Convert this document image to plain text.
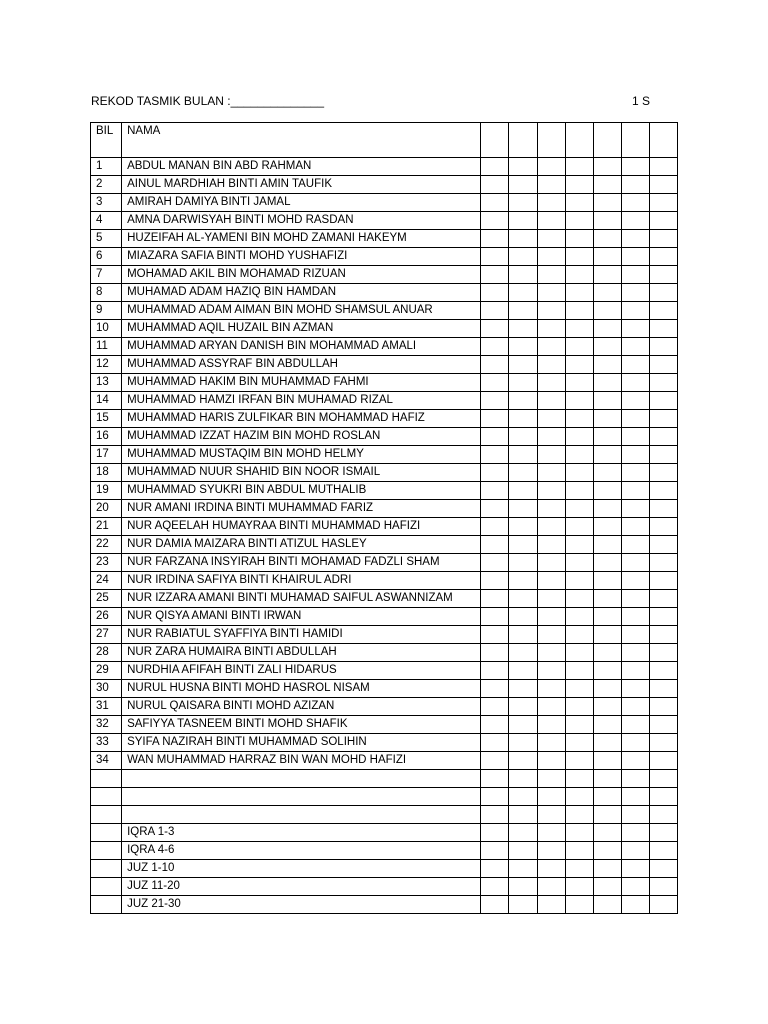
REKOD TASMIK BULAN :______________	1 S
BIL	NAMA							
1	ABDUL MANAN BIN ABD RAHMAN							
2	AINUL MARDHIAH BINTI AMIN TAUFIK							
3	AMIRAH DAMIYA BINTI JAMAL							
4	AMNA DARWISYAH BINTI MOHD RASDAN							
5	HUZEIFAH AL-YAMENI BIN MOHD ZAMANI HAKEYM							
6	MIAZARA SAFIA BINTI MOHD YUSHAFIZI							
7	MOHAMAD AKIL BIN MOHAMAD RIZUAN							
8	MUHAMAD ADAM HAZIQ BIN HAMDAN							
9	MUHAMMAD ADAM AIMAN BIN MOHD SHAMSUL ANUAR							
10	MUHAMMAD AQIL HUZAIL BIN AZMAN							
11	MUHAMMAD ARYAN DANISH BIN MOHAMMAD AMALI							
12	MUHAMMAD ASSYRAF BIN ABDULLAH							
13	MUHAMMAD HAKIM BIN MUHAMMAD FAHMI							
14	MUHAMMAD HAMZI IRFAN BIN MUHAMAD RIZAL							
15	MUHAMMAD HARIS ZULFIKAR BIN MOHAMMAD HAFIZ							
16	MUHAMMAD IZZAT HAZIM BIN MOHD ROSLAN							
17	MUHAMMAD MUSTAQIM BIN MOHD HELMY							
18	MUHAMMAD NUUR SHAHID BIN NOOR ISMAIL							
19	MUHAMMAD SYUKRI BIN ABDUL MUTHALIB							
20	NUR AMANI IRDINA BINTI MUHAMMAD FARIZ							
21	NUR AQEELAH HUMAYRAA BINTI MUHAMMAD HAFIZI							
22	NUR DAMIA MAIZARA BINTI ATIZUL HASLEY							
23	NUR FARZANA INSYIRAH BINTI MOHAMAD FADZLI SHAM							
24	NUR IRDINA SAFIYA BINTI KHAIRUL ADRI							
25	NUR IZZARA AMANI BINTI MUHAMAD SAIFUL ASWANNIZAM							
26	NUR QISYA AMANI BINTI IRWAN							
27	NUR RABIATUL SYAFFIYA BINTI HAMIDI							
28	NUR ZARA HUMAIRA BINTI ABDULLAH							
29	NURDHIA AFIFAH BINTI ZALI HIDARUS							
30	NURUL HUSNA BINTI MOHD HASROL NISAM							
31	NURUL QAISARA BINTI MOHD AZIZAN							
32	SAFIYYA TASNEEM BINTI MOHD SHAFIK							
33	SYIFA NAZIRAH BINTI MUHAMMAD SOLIHIN							
34	WAN MUHAMMAD HARRAZ BIN WAN MOHD HAFIZI							

	IQRA 1-3							
	IQRA 4-6							
	JUZ 1-10							
	JUZ 11-20							
	JUZ 21-30							
